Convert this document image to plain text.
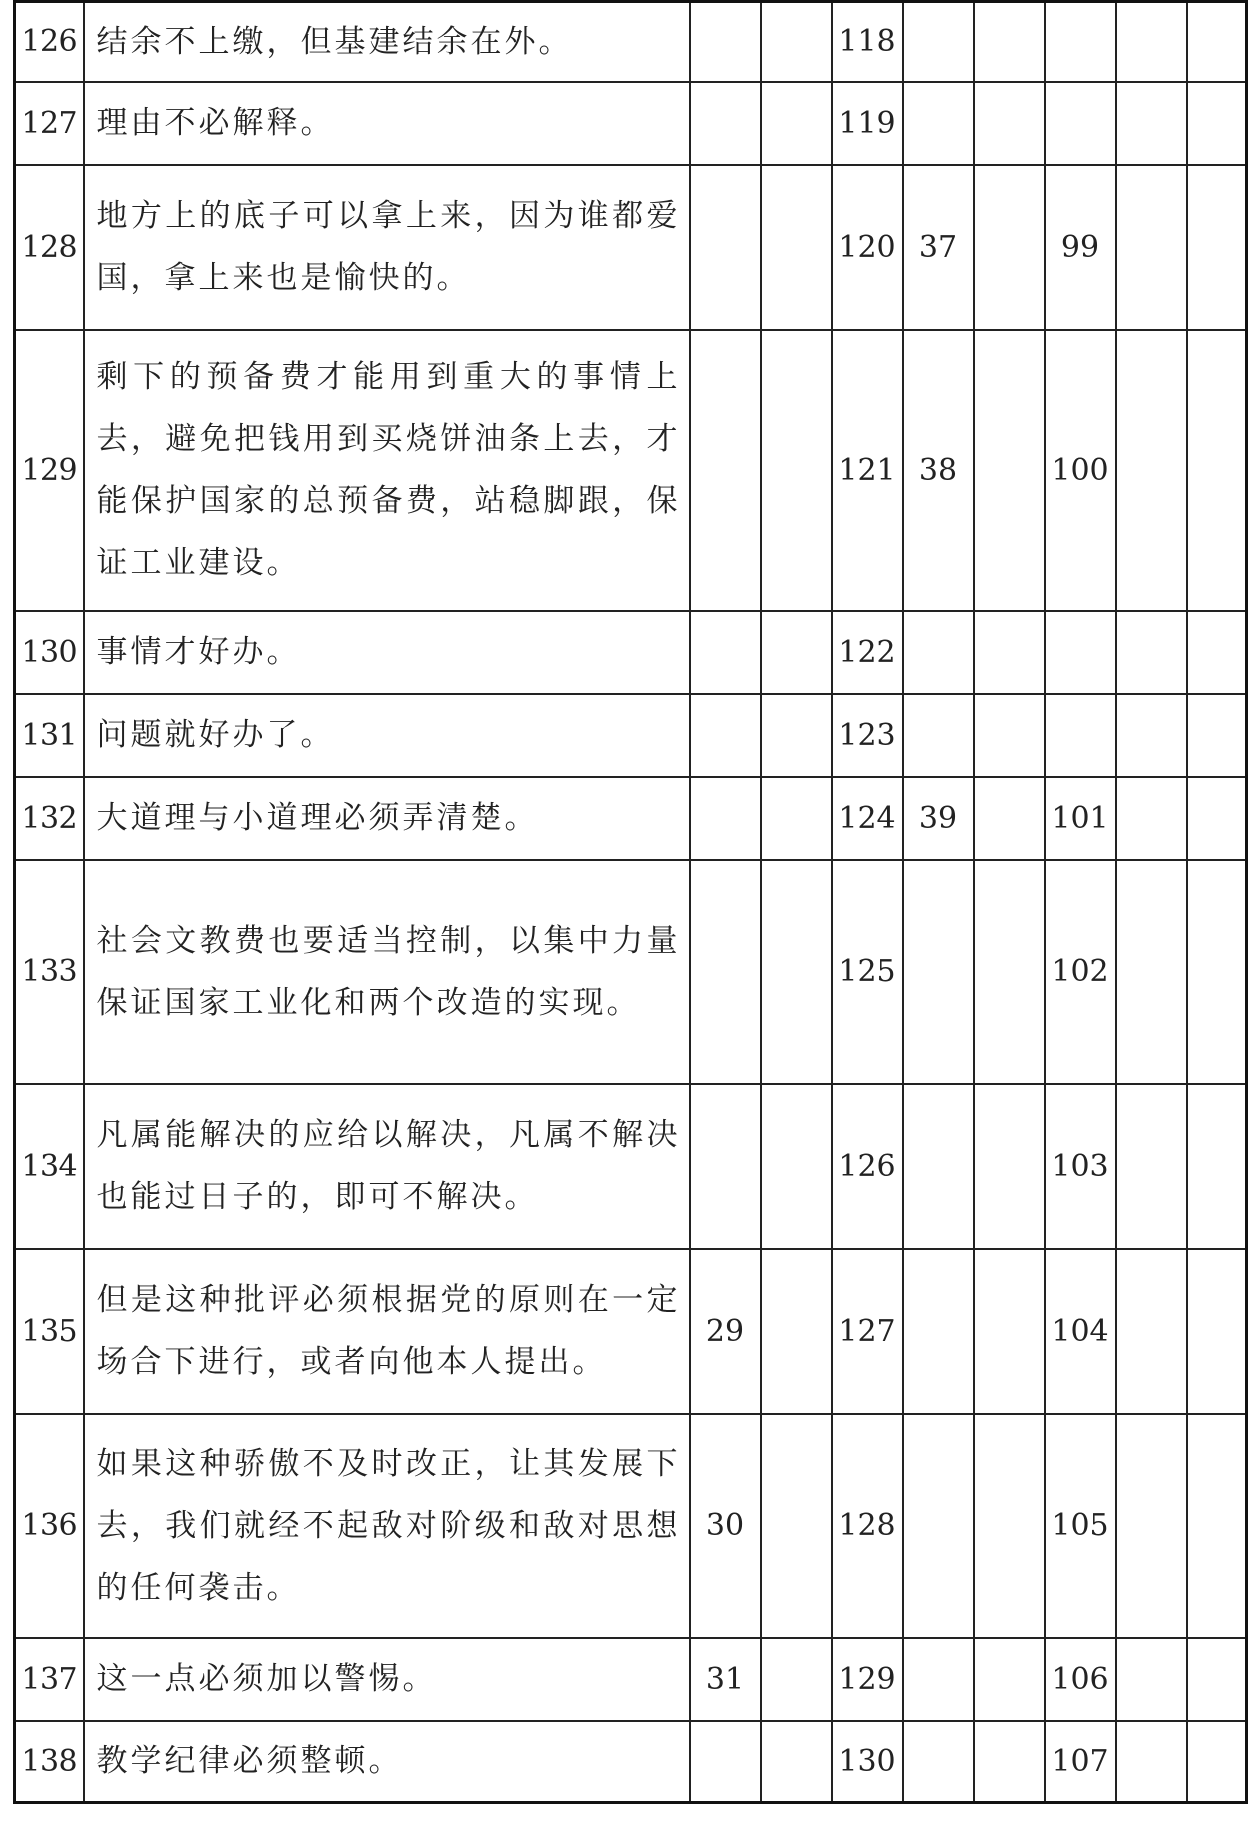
126	结余不上缴，但基建结余在外。			118					
127	理由不必解释。			119					
128	地方上的底子可以拿上来，因为谁都爱国，拿上来也是愉快的。			120	37		99		
129	剩下的预备费才能用到重大的事情上去，避免把钱用到买烧饼油条上去，才能保护国家的总预备费，站稳脚跟，保证工业建设。			121	38		100		
130	事情才好办。			122					
131	问题就好办了。			123					
132	大道理与小道理必须弄清楚。			124	39		101		
133	社会文教费也要适当控制，以集中力量保证国家工业化和两个改造的实现。			125			102		
134	凡属能解决的应给以解决，凡属不解决也能过日子的，即可不解决。			126			103		
135	但是这种批评必须根据党的原则在一定场合下进行，或者向他本人提出。	29		127			104		
136	如果这种骄傲不及时改正，让其发展下去，我们就经不起敌对阶级和敌对思想的任何袭击。	30		128			105		
137	这一点必须加以警惕。	31		129			106		
138	教学纪律必须整顿。			130			107		
